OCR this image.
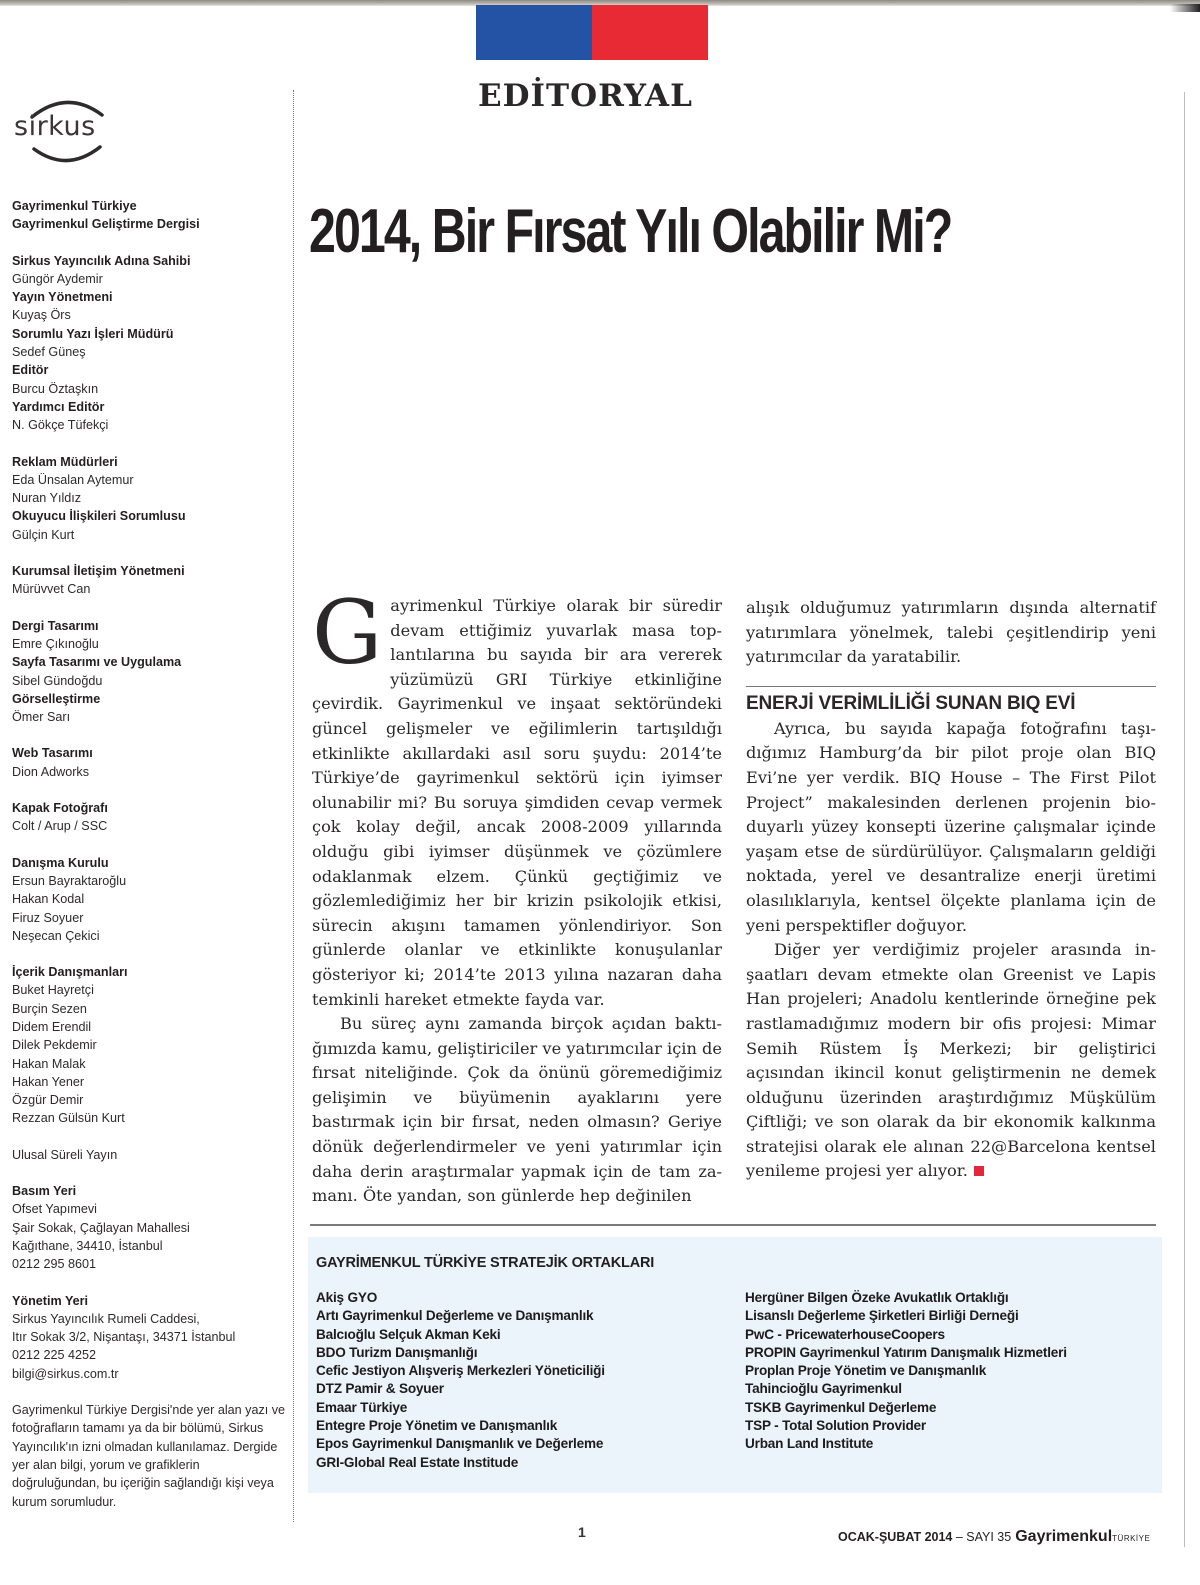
sirkus
Gayrimenkul Türkiye
Gayrimenkul Geliştirme Dergisi
Sirkus Yayıncılık Adına Sahibi
Güngör Aydemir
Yayın Yönetmeni
Kuyaş Örs
Sorumlu Yazı İşleri Müdürü
Sedef Güneş
Editör
Burcu Öztaşkın
Yardımcı Editör
N. Gökçe Tüfekçi
Reklam Müdürleri
Eda Ünsalan Aytemur
Nuran Yıldız
Okuyucu İlişkileri Sorumlusu
Gülçin Kurt
Kurumsal İletişim Yönetmeni
Mürüvvet Can
Dergi Tasarımı
Emre Çıkınoğlu
Sayfa Tasarımı ve Uygulama
Sibel Gündoğdu
Görselleştirme
Ömer Sarı
Web Tasarımı
Dion Adworks
Kapak Fotoğrafı
Colt / Arup / SSC
Danışma Kurulu
Ersun Bayraktaroğlu
Hakan Kodal
Firuz Soyuer
Neşecan Çekici
İçerik Danışmanları
Buket Hayretçi
Burçin Sezen
Didem Erendil
Dilek Pekdemir
Hakan Malak
Hakan Yener
Özgür Demir
Rezzan Gülsün Kurt
Ulusal Süreli Yayın
Basım Yeri
Ofset Yapımevi
Şair Sokak, Çağlayan Mahallesi
Kağıthane, 34410, İstanbul
0212 295 8601
Yönetim Yeri
Sirkus Yayıncılık Rumeli Caddesi,
Itır Sokak 3/2, Nişantaşı, 34371 İstanbul
0212 225 4252
bilgi@sirkus.com.tr
Gayrimenkul Türkiye Dergisi'nde yer alan yazı ve fotoğrafların tamamı ya da bir bölümü, Sirkus Yayıncılık'ın izni olmadan kullanılamaz. Dergide yer alan bilgi, yorum ve grafiklerin doğruluğundan, bu içeriğin sağlandığı kişi veya kurum sorumludur.
EDİTORYAL
2014, Bir Fırsat Yılı Olabilir Mi?

Gayrimenkul Türkiye olarak bir süredir devam ettiğimiz yuvarlak masa toplantılarına bu sayıda bir ara vererek yüzümüzü GRI Türkiye etkinliğine çevirdik. Gayrimenkul ve inşaat sektöründeki güncel gelişmeler ve eğilimlerin tartışıldığı etkinlikte akıllardaki asıl soru şuydu: 2014’te Türkiye’de gayrimenkul sektörü için iyimser olunabilir mi? Bu soruya şimdiden cevap vermek çok kolay değil, ancak 2008-2009 yıllarında olduğu gibi iyimser düşünmek ve çözümlere odaklanmak elzem. Çünkü geçtiğimiz ve gözlemlediğimiz her bir krizin psikolojik etkisi, sürecin akışını tamamen yönlendiriyor. Son günlerde olanlar ve etkinlikte konuşulanlar gösteriyor ki; 2014’te 2013 yılına nazaran daha temkinli hareket etmekte fayda var.

Bu süreç aynı zamanda birçok açıdan baktığımızda kamu, geliştiriciler ve yatırımcılar için de fırsat niteliğinde. Çok da önünü göremediğimiz gelişimin ve büyümenin ayaklarını yere bastırmak için bir fırsat, neden olmasın? Geriye dönük değerlendirmeler ve yeni yatırımlar için daha derin araştırmalar yapmak için de tam zamanı. Öte yandan, son günlerde hep değinilen

alışık olduğumuz yatırımların dışında alternatif yatırımlara yönelmek, talebi çeşitlendirip yeni yatırımcılar da yaratabilir.

ENERJİ VERİMLİLİĞİ SUNAN BIQ EVİ

Ayrıca, bu sayıda kapağa fotoğrafını taşıdığımız Hamburg’da bir pilot proje olan BIQ Evi’ne yer verdik. BIQ House – The First Pilot Project” makalesinden derlenen projenin bioduyarlı yüzey konsepti üzerine çalışmalar içinde yaşam etse de sürdürülüyor. Çalışmaların geldiği noktada, yerel ve desantralize enerji üretimi olasılıklarıyla, kentsel ölçekte planlama için de yeni perspektifler doğuyor.

Diğer yer verdiğimiz projeler arasında inşaatları devam etmekte olan Greenist ve Lapis Han projeleri; Anadolu kentlerinde örneğine pek rastlamadığımız modern bir ofis projesi: Mimar Semih Rüstem İş Merkezi; bir geliştirici açısından ikincil konut geliştirmenin ne demek olduğunu üzerinden araştırdığımız Müşkülüm Çiftliği; ve son olarak da bir ekonomik kalkınma stratejisi olarak ele alınan 22@Barcelona kentsel yenileme projesi yer alıyor.

GAYRİMENKUL TÜRKİYE STRATEJİK ORTAKLARI
Akiş GYO
Artı Gayrimenkul Değerleme ve Danışmanlık
Balcıoğlu Selçuk Akman Keki
BDO Turizm Danışmanlığı
Cefic Jestiyon Alışveriş Merkezleri Yöneticiliği
DTZ Pamir & Soyuer
Emaar Türkiye
Entegre Proje Yönetim ve Danışmanlık
Epos Gayrimenkul Danışmanlık ve Değerleme
GRI-Global Real Estate Institude
Hergüner Bilgen Özeke Avukatlık Ortaklığı
Lisanslı Değerleme Şirketleri Birliği Derneği
PwC - PricewaterhouseCoopers
PROPIN Gayrimenkul Yatırım Danışmalık Hizmetleri
Proplan Proje Yönetim ve Danışmanlık
Tahincioğlu Gayrimenkul
TSKB Gayrimenkul Değerleme
TSP - Total Solution Provider
Urban Land Institute
1	OCAK-ŞUBAT 2014 – SAYI 35 GayrimenkulTÜRKİYE
